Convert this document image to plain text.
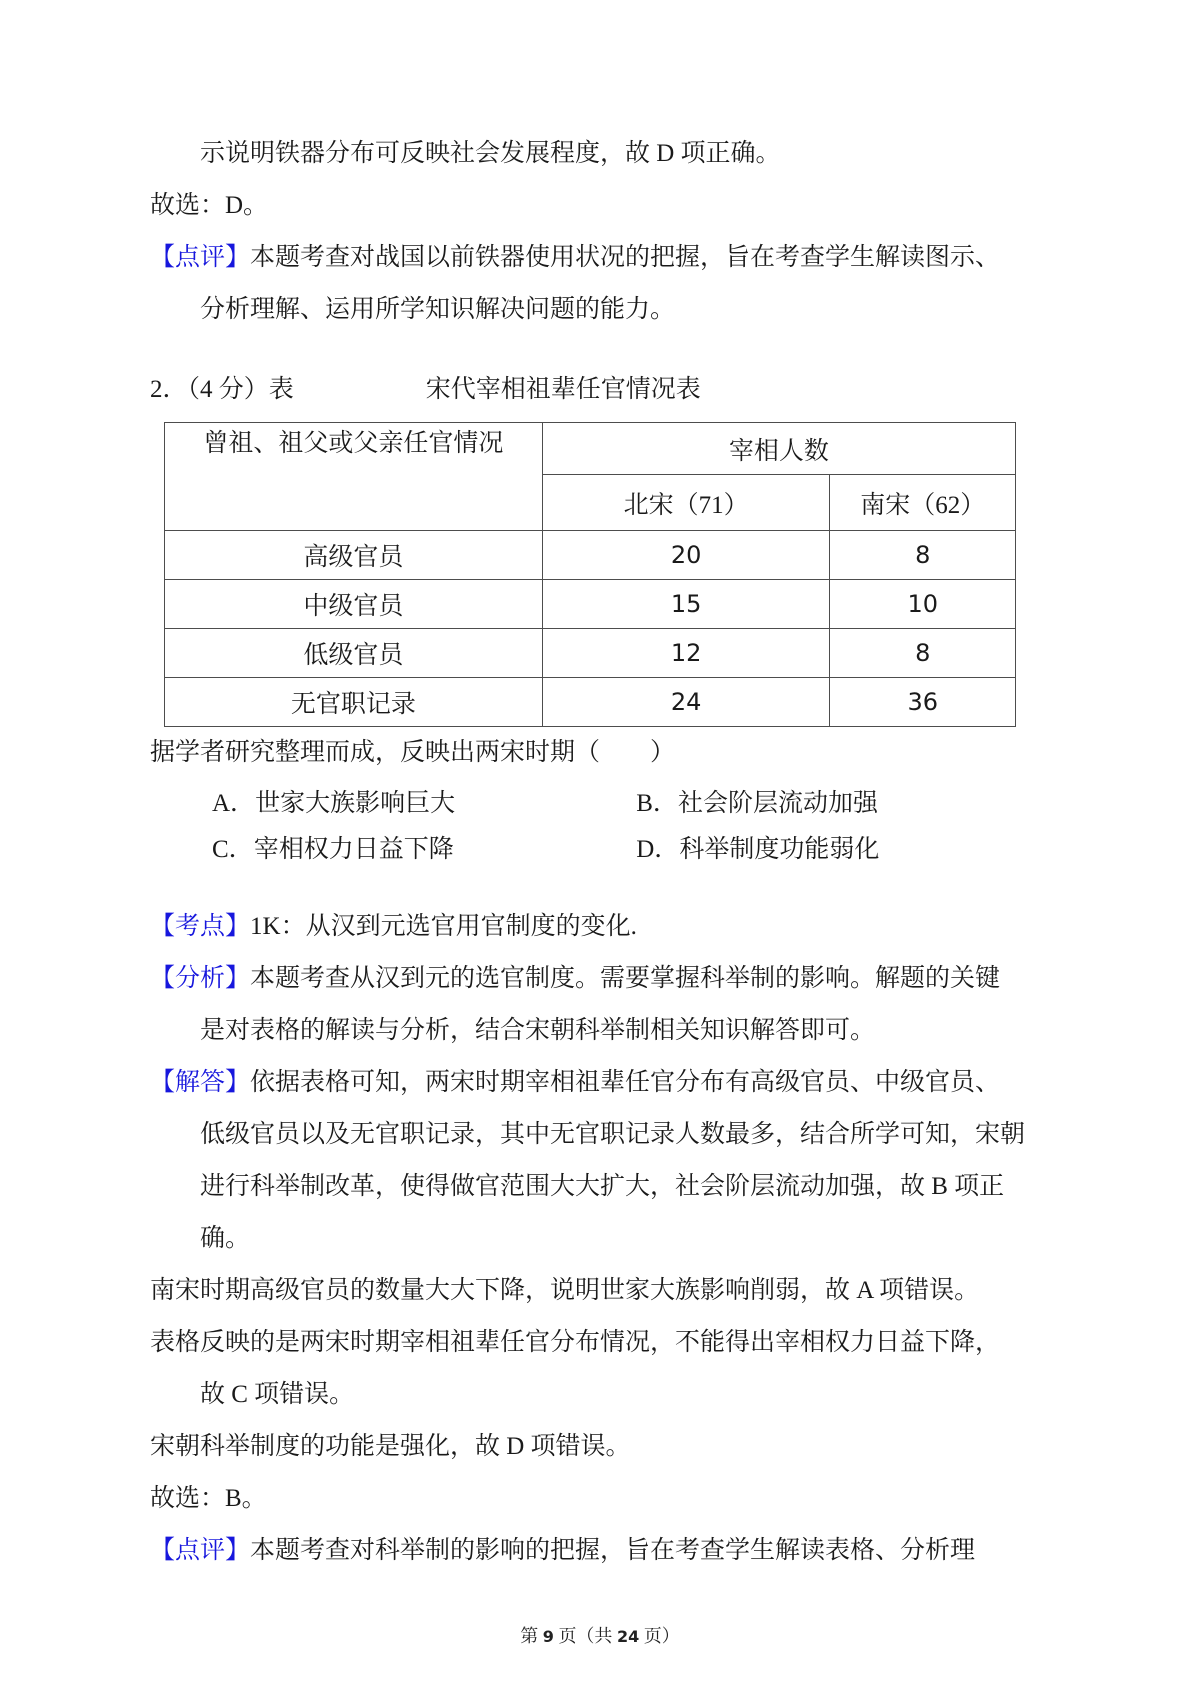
示说明铁器分布可反映社会发展程度，故 D 项正确。

故选：D。

【点评】本题考查对战国以前铁器使用状况的把握，旨在考查学生解读图示、

分析理解、运用所学知识解决问题的能力。

2．（4 分）表	宋代宰相祖辈任官情况表

曾祖、祖父或父亲任官情况	宰相人数	
	北宋（71）	南宋（62）
高级官员	20	8
中级官员	15	10
低级官员	12	8
无官职记录	24	36

据学者研究整理而成，反映出两宋时期（　　）

A．世家大族影响巨大	B．社会阶层流动加强

C．宰相权力日益下降	D．科举制度功能弱化

【考点】1K：从汉到元选官用官制度的变化.

【分析】本题考查从汉到元的选官制度。需要掌握科举制的影响。解题的关键

是对表格的解读与分析，结合宋朝科举制相关知识解答即可。

【解答】依据表格可知，两宋时期宰相祖辈任官分布有高级官员、中级官员、

低级官员以及无官职记录，其中无官职记录人数最多，结合所学可知，宋朝

进行科举制改革，使得做官范围大大扩大，社会阶层流动加强，故 B 项正

确。

南宋时期高级官员的数量大大下降，说明世家大族影响削弱，故 A 项错误。

表格反映的是两宋时期宰相祖辈任官分布情况，不能得出宰相权力日益下降，

故 C 项错误。

宋朝科举制度的功能是强化，故 D 项错误。

故选：B。

【点评】本题考查对科举制的影响的把握，旨在考查学生解读表格、分析理

第 9 页（共 24 页）
